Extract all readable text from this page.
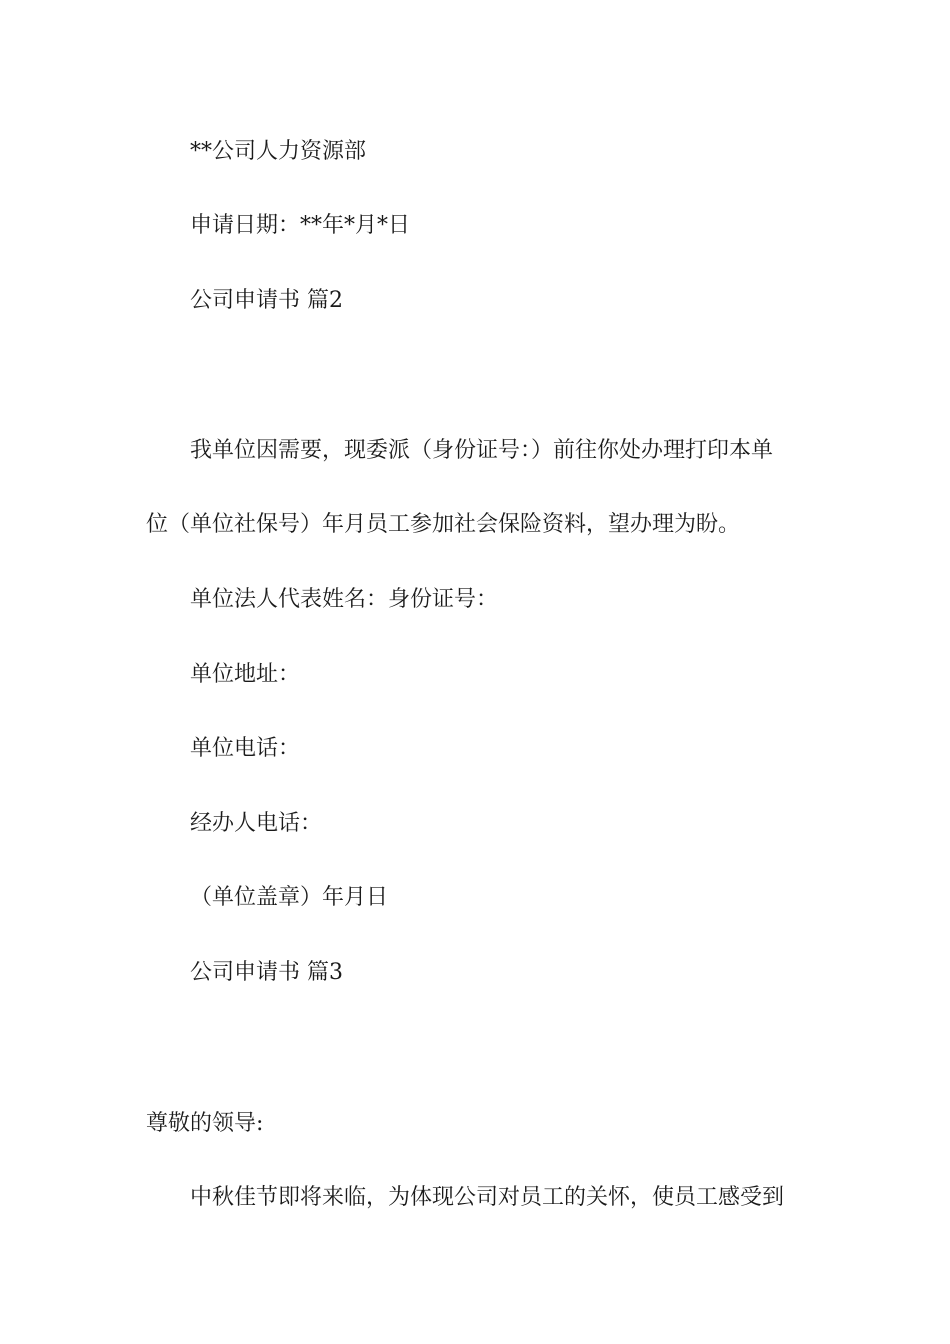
**公司人力资源部
申请日期：**年*月*日
公司申请书 篇2
我单位因需要，现委派（身份证号：）前往你处办理打印本单
位（单位社保号）年月员工参加社会保险资料，望办理为盼。
单位法人代表姓名：身份证号：
单位地址：
单位电话：
经办人电话：
（单位盖章）年月日
公司申请书 篇3
尊敬的领导:
中秋佳节即将来临，为体现公司对员工的关怀，使员工感受到
